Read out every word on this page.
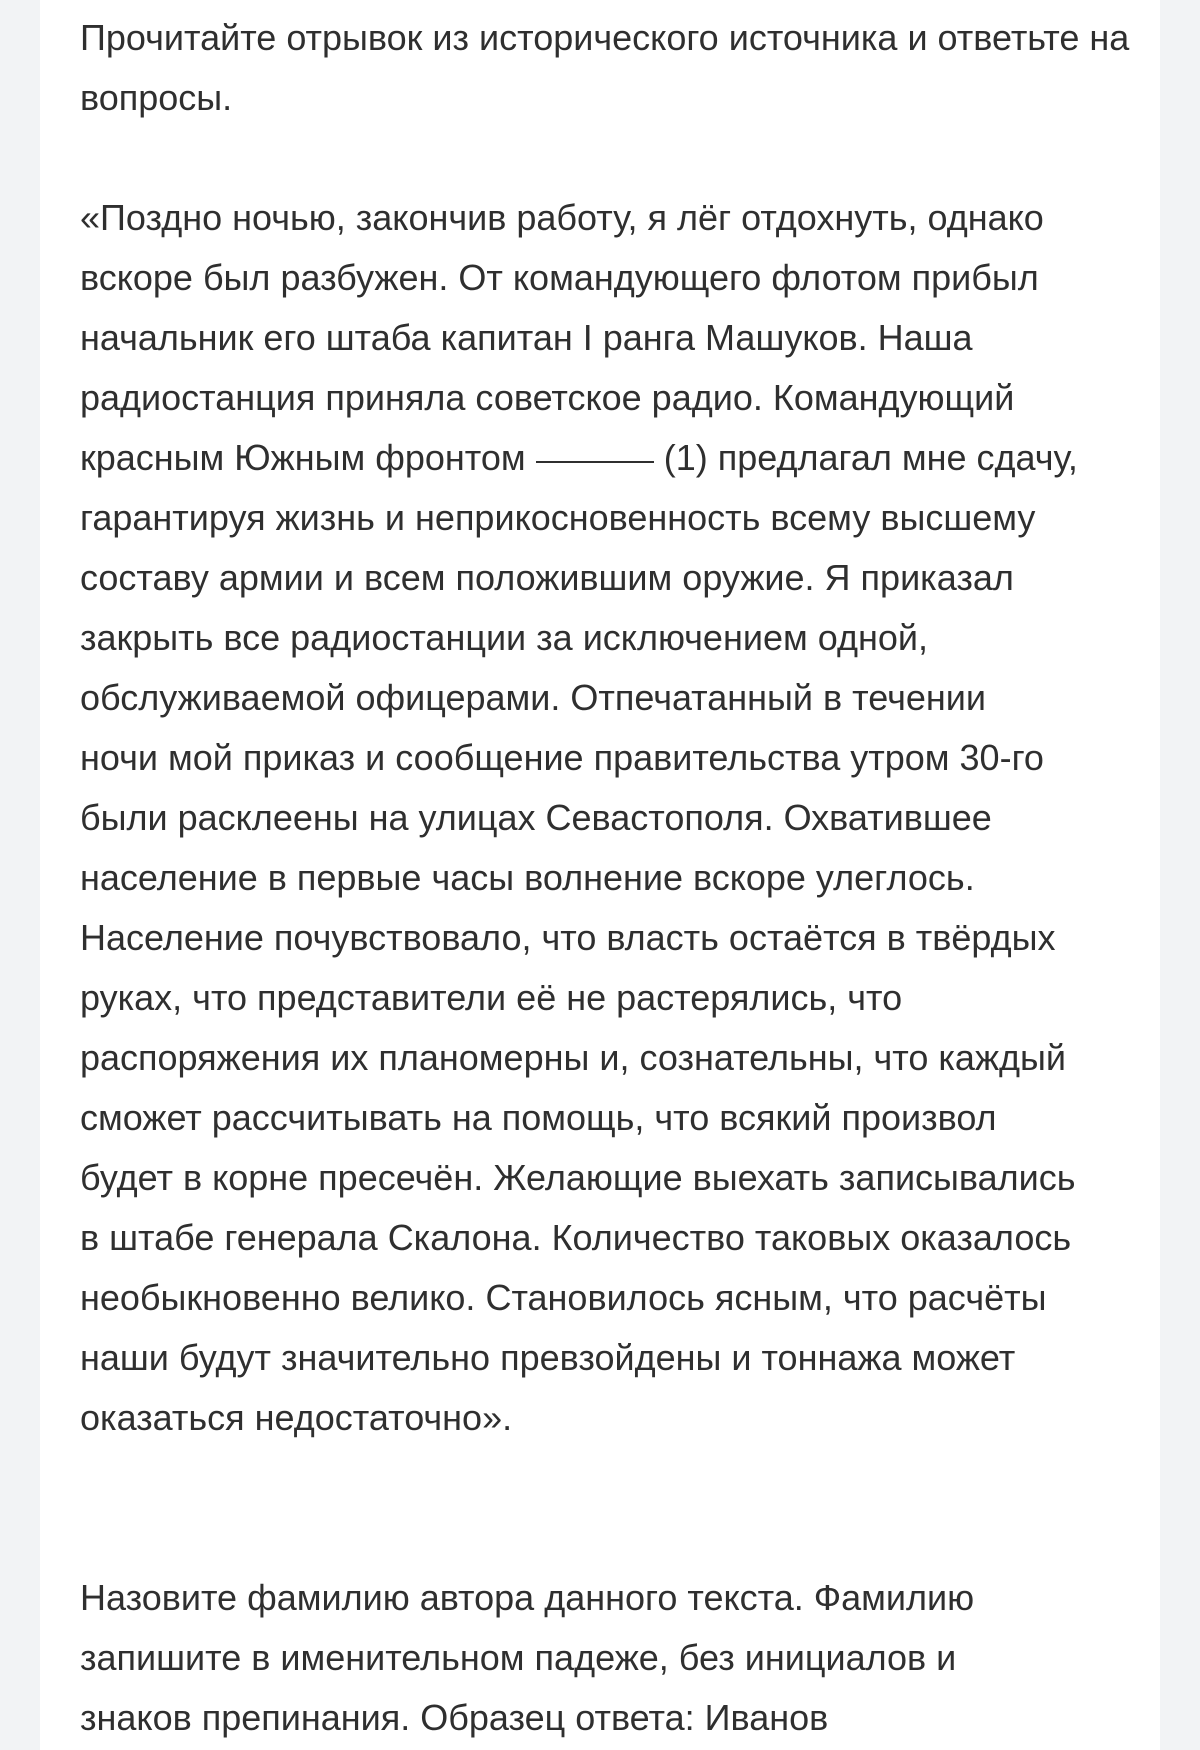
Прочитайте отрывок из исторического источника и ответьте на вопросы.

«Поздно ночью, закончив работу, я лёг отдохнуть, однако
вскоре был разбужен. От командующего флотом прибыл
начальник его штаба капитан I ранга Машуков. Наша
радиостанция приняла советское радио. Командующий
красным Южным фронтом	(1) предлагал мне сдачу,
гарантируя жизнь и неприкосновенность всему высшему
составу армии и всем положившим оружие. Я приказал
закрыть все радиостанции за исключением одной,
обслуживаемой офицерами. Отпечатанный в течении
ночи мой приказ и сообщение правительства утром 30-го
были расклеены на улицах Севастополя. Охватившее
население в первые часы волнение вскоре улеглось.
Население почувствовало, что власть остаётся в твёрдых
руках, что представители её не растерялись, что
распоряжения их планомерны и, сознательны, что каждый
сможет рассчитывать на помощь, что всякий произвол
будет в корне пресечён. Желающие выехать записывались
в штабе генерала Скалона. Количество таковых оказалось
необыкновенно велико. Становилось ясным, что расчёты
наши будут значительно превзойдены и тоннажа может
оказаться недостаточно».

Назовите фамилию автора данного текста. Фамилию
запишите в именительном падеже, без инициалов и
знаков препинания. Образец ответа: Иванов
